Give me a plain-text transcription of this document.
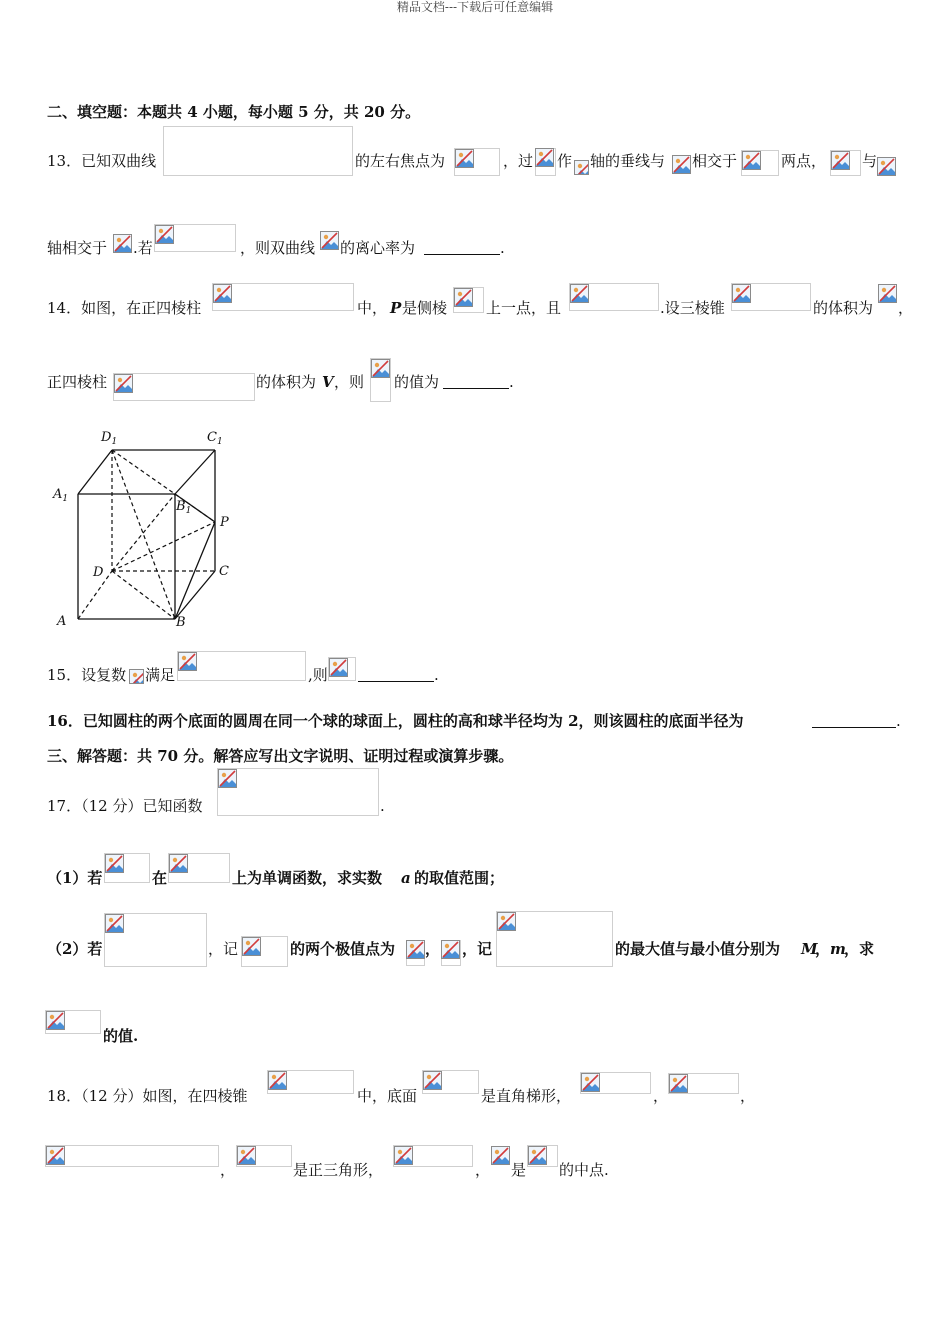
精品文档---下载后可任意编辑
二、填空题：本题共 4 小题，每小题 5 分，共 20 分。
13．已知双曲线	的左右焦点为	，过 作 轴的垂线与 相交于	两点， 与
轴相交于 .若	，则双曲线 的离心率为	.
14．如图，在正四棱柱	中， P 是侧棱	上一点，且	.设三棱锥	的体积为 ，
正四棱柱	的体积为 V ，则 的值为	.
$D_1$	$C_1$
$A_1$	$B_1$
P
D	C
A	B
15．设复数 满足	,则	.
16．已知圆柱的两个底面的圆周在同一个球的球面上，圆柱的高和球半径均为 2，则该圆柱的底面半径为	.
三、解答题：共 70 分。解答应写出文字说明、证明过程或演算步骤。
17．（12 分）已知函数	.
（1）若	在	上为单调函数，求实数 a 的取值范围；
（2）若	，记	的两个极值点为 ， ，记	的最大值与最小值分别为 M
， m
，求
的值.
18．（12 分）如图，在四棱锥	中，底面	是直角梯形，	，	，
，	是正三角形，	， 是 的中点.
